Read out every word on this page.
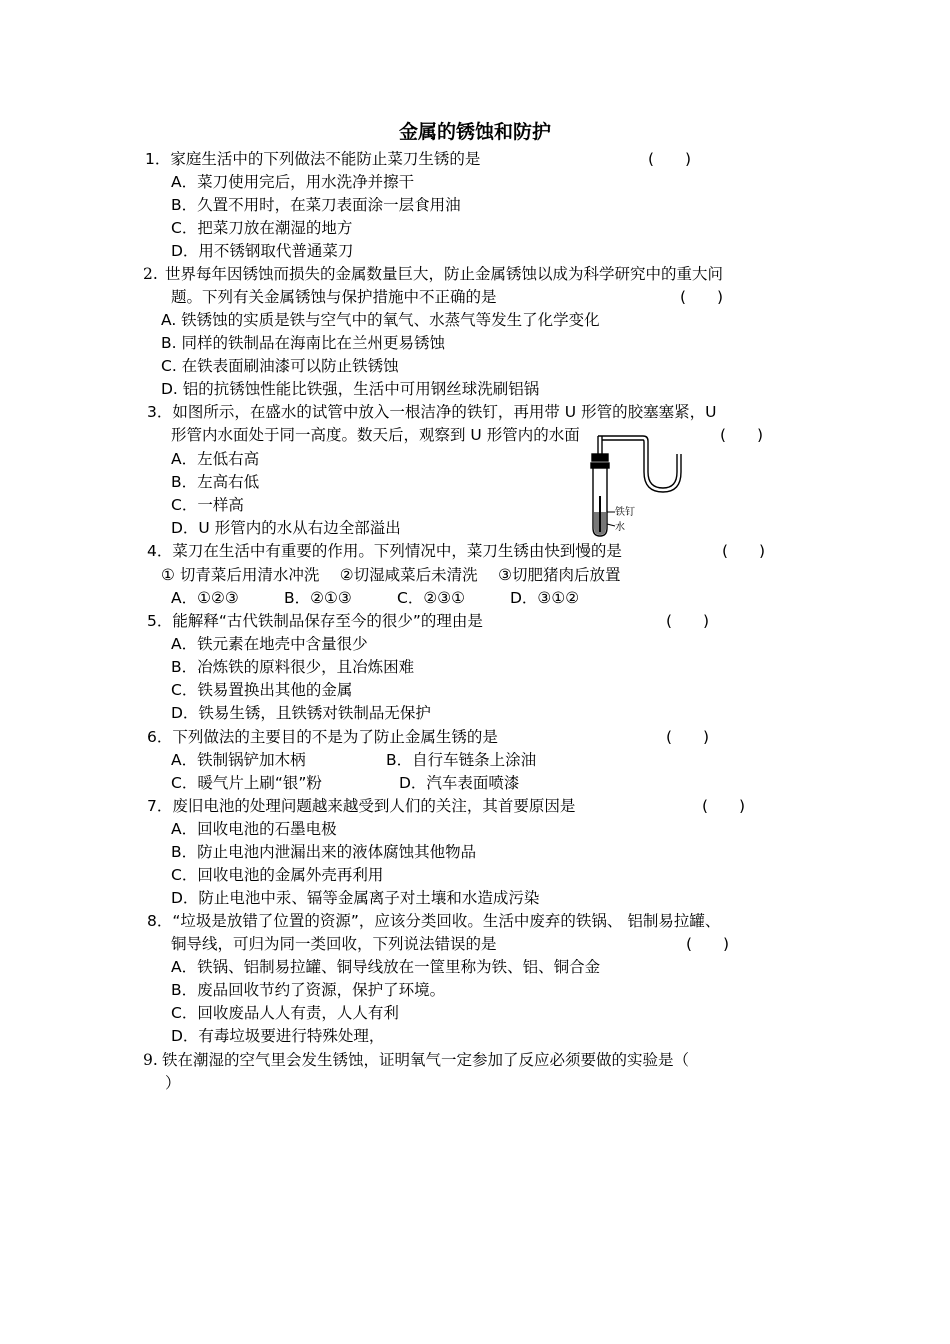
金属的锈蚀和防护
1．家庭生活中的下列做法不能防止菜刀生锈的是	(　　)
A．菜刀使用完后，用水洗净并擦干
B．久置不用时，在菜刀表面涂一层食用油
C．把菜刀放在潮湿的地方
D．用不锈钢取代普通菜刀
2. 世界每年因锈蚀而损失的金属数量巨大，防止金属锈蚀以成为科学研究中的重大问
题。下列有关金属锈蚀与保护措施中不正确的是	(　　)
A. 铁锈蚀的实质是铁与空气中的氧气、水蒸气等发生了化学变化
B. 同样的铁制品在海南比在兰州更易锈蚀
C. 在铁表面刷油漆可以防止铁锈蚀
D. 铝的抗锈蚀性能比铁强，生活中可用钢丝球洗刷铝锅
3．如图所示，在盛水的试管中放入一根洁净的铁钉，再用带 U 形管的胶塞塞紧，U
形管内水面处于同一高度。数天后，观察到 U 形管内的水面	(　　)
A．左低右高
B．左高右低
C．一样高
D．U 形管内的水从右边全部溢出
铁钉
水
4．菜刀在生活中有重要的作用。下列情况中，菜刀生锈由快到慢的是	(　　)
① 切青菜后用清水冲洗　 ②切湿咸菜后未清洗　 ③切肥猪肉后放置
A．①②③	B．②①③	C．②③①	D．③①②
5．能解释“古代铁制品保存至今的很少”的理由是	(　　)
A．铁元素在地壳中含量很少
B．冶炼铁的原料很少，且冶炼困难
C．铁易置换出其他的金属
D．铁易生锈，且铁锈对铁制品无保护
6．下列做法的主要目的不是为了防止金属生锈的是	(　　)
A．铁制锅铲加木柄	B．自行车链条上涂油
C．暖气片上刷“银”粉	D．汽车表面喷漆
7．废旧电池的处理问题越来越受到人们的关注，其首要原因是	(　　)
A．回收电池的石墨电极
B．防止电池内泄漏出来的液体腐蚀其他物品
C．回收电池的金属外壳再利用
D．防止电池中汞、镉等金属离子对土壤和水造成污染
8．“垃圾是放错了位置的资源”，应该分类回收。生活中废弃的铁锅、 铝制易拉罐、
铜导线，可归为同一类回收，下列说法错误的是	(　　)
A．铁锅、铝制易拉罐、铜导线放在一筐里称为铁、铝、铜合金
B．废品回收节约了资源，保护了环境。
C．回收废品人人有责，人人有利
D．有毒垃圾要进行特殊处理，
9. 铁在潮湿的空气里会发生锈蚀，证明氧气一定参加了反应必须要做的实验是（
）
